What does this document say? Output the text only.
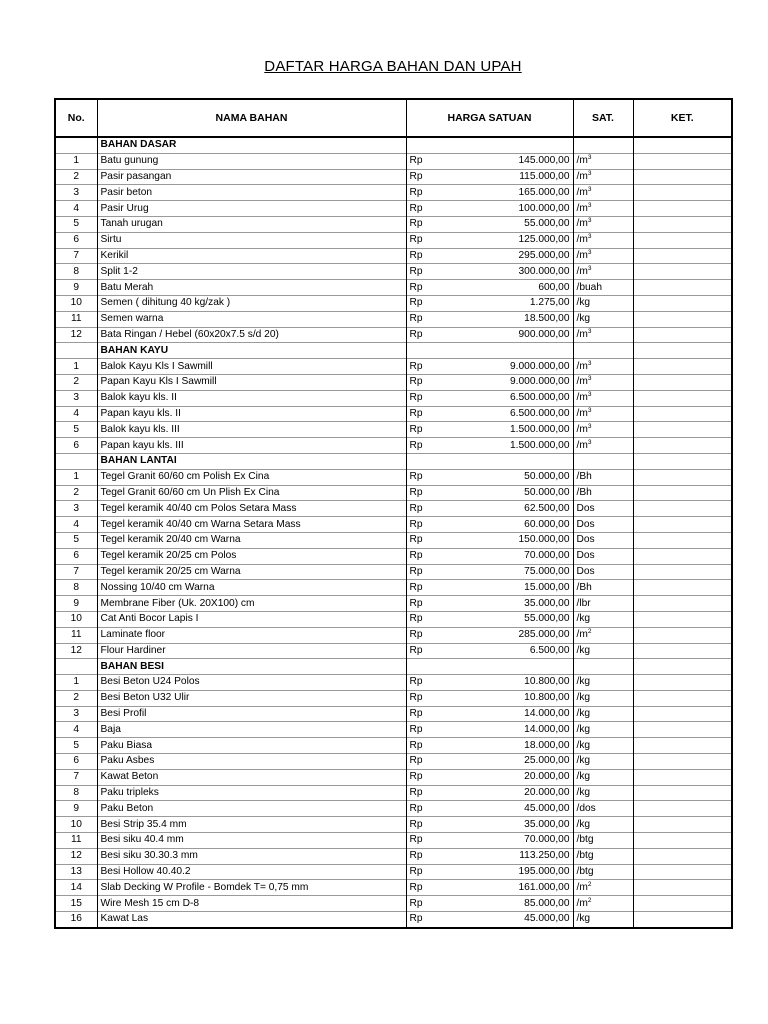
DAFTAR HARGA BAHAN DAN UPAH
No.	NAMA BAHAN	HARGA SATUAN		SAT.	KET.
	BAHAN DASAR				
1	Batu gunung	Rp	145.000,00	$/m^3$	
2	Pasir pasangan	Rp	115.000,00	$/m^3$	
3	Pasir beton	Rp	165.000,00	$/m^3$	
4	Pasir Urug	Rp	100.000,00	$/m^3$	
5	Tanah urugan	Rp	55.000,00	$/m^3$	
6	Sirtu	Rp	125.000,00	$/m^3$	
7	Kerikil	Rp	295.000,00	$/m^3$	
8	Split 1-2	Rp	300.000,00	$/m^3$	
9	Batu Merah	Rp	600,00	/buah	
10	Semen ( dihitung 40 kg/zak )	Rp	1.275,00	/kg	
11	Semen warna	Rp	18.500,00	/kg	
12	Bata Ringan / Hebel (60x20x7.5 s/d 20)	Rp	900.000,00	$/m^3$	
	BAHAN KAYU				
1	Balok Kayu Kls I Sawmill	Rp	9.000.000,00	$/m^3$	
2	Papan Kayu Kls I Sawmill	Rp	9.000.000,00	$/m^3$	
3	Balok kayu kls. II	Rp	6.500.000,00	$/m^3$	
4	Papan kayu kls. II	Rp	6.500.000,00	$/m^3$	
5	Balok kayu kls. III	Rp	1.500.000,00	$/m^3$	
6	Papan kayu kls. III	Rp	1.500.000,00	$/m^3$	
	BAHAN LANTAI				
1	Tegel Granit 60/60 cm Polish Ex Cina	Rp	50.000,00	/Bh	
2	Tegel Granit 60/60 cm Un Plish Ex Cina	Rp	50.000,00	/Bh	
3	Tegel keramik 40/40 cm Polos Setara Mass	Rp	62.500,00	Dos	
4	Tegel keramik 40/40 cm Warna Setara Mass	Rp	60.000,00	Dos	
5	Tegel keramik 20/40 cm Warna	Rp	150.000,00	Dos	
6	Tegel keramik 20/25 cm Polos	Rp	70.000,00	Dos	
7	Tegel keramik 20/25 cm Warna	Rp	75.000,00	Dos	
8	Nossing 10/40 cm Warna	Rp	15.000,00	/Bh	
9	Membrane Fiber (Uk. 20X100) cm	Rp	35.000,00	/lbr	
10	Cat Anti Bocor Lapis I	Rp	55.000,00	/kg	
11	Laminate floor	Rp	285.000,00	$/m^2$	
12	Flour Hardiner	Rp	6.500,00	/kg	
	BAHAN BESI				
1	Besi Beton U24 Polos	Rp	10.800,00	/kg	
2	Besi Beton U32 Ulir	Rp	10.800,00	/kg	
3	Besi Profil	Rp	14.000,00	/kg	
4	Baja	Rp	14.000,00	/kg	
5	Paku Biasa	Rp	18.000,00	/kg	
6	Paku Asbes	Rp	25.000,00	/kg	
7	Kawat Beton	Rp	20.000,00	/kg	
8	Paku tripleks	Rp	20.000,00	/kg	
9	Paku Beton	Rp	45.000,00	/dos	
10	Besi Strip 35.4 mm	Rp	35.000,00	/kg	
11	Besi siku 40.4 mm	Rp	70.000,00	/btg	
12	Besi siku 30.30.3 mm	Rp	113.250,00	/btg	
13	Besi Hollow 40.40.2	Rp	195.000,00	/btg	
14	Slab Decking W Profile - Bomdek T= 0,75 mm	Rp	161.000,00	$/m^2$	
15	Wire Mesh 15 cm D-8	Rp	85.000,00	$/m^2$	
16	Kawat Las	Rp	45.000,00	/kg	
